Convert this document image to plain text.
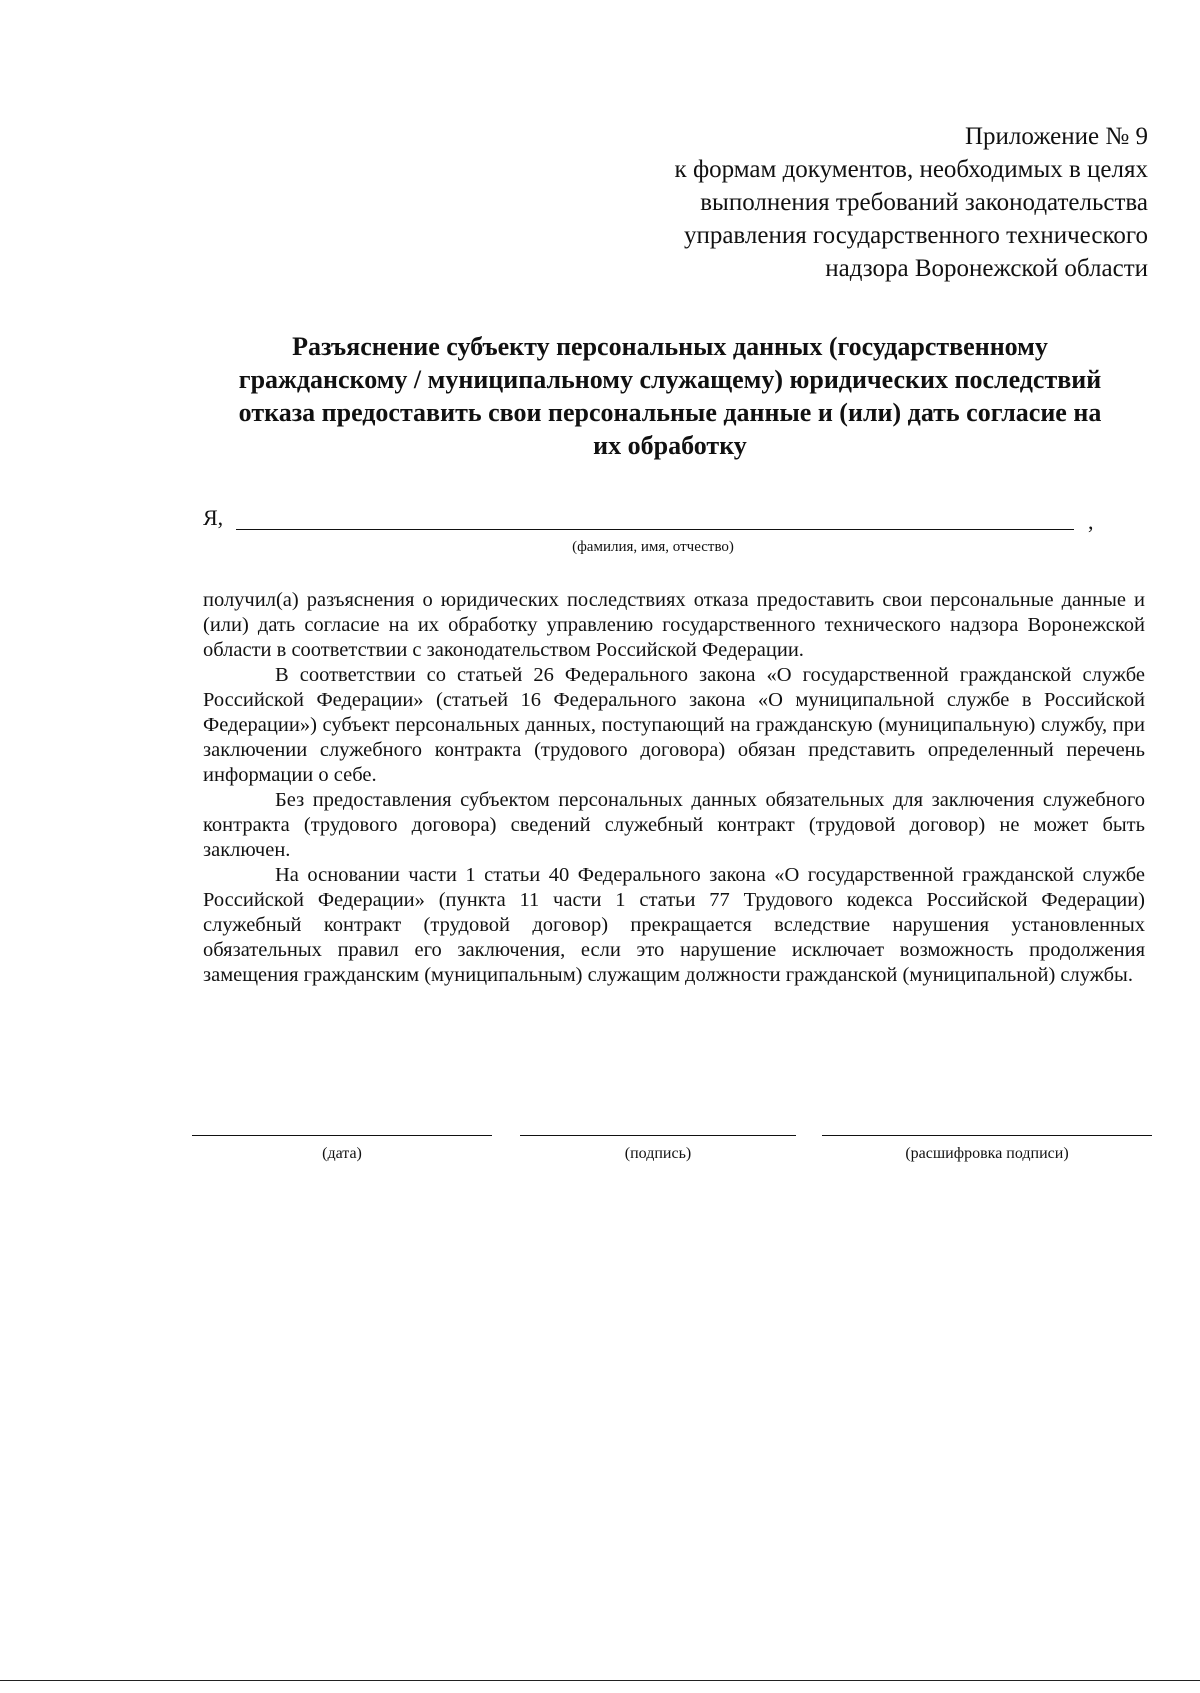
Приложение № 9
к формам документов, необходимых в целях
выполнения требований законодательства
управления государственного технического
надзора Воронежской области
Разъяснение субъекту персональных данных (государственному
гражданскому / муниципальному служащему) юридических последствий
отказа предоставить свои персональные данные и (или) дать согласие на
их обработку
Я,	,
(фамилия, имя, отчество)

получил(а) разъяснения о юридических последствиях отказа предоставить свои персональные данные и (или) дать согласие на их обработку управлению государственного технического надзора Воронежской области в соответствии с законодательством Российской Федерации.

В соответствии со статьей 26 Федерального закона «О государственной гражданской службе Российской Федерации» (статьей 16 Федерального закона «О муниципальной службе в Российской Федерации») субъект персональных данных, поступающий на гражданскую (муниципальную) службу, при заключении служебного контракта (трудового договора) обязан представить определенный перечень информации о себе.

Без предоставления субъектом персональных данных обязательных для заключения служебного контракта (трудового договора) сведений служебный контракт (трудовой договор) не может быть заключен.

На основании части 1 статьи 40 Федерального закона «О государственной гражданской службе Российской Федерации» (пункта 11 части 1 статьи 77 Трудового кодекса Российской Федерации) служебный контракт (трудовой договор) прекращается вследствие нарушения установленных обязательных правил его заключения, если это нарушение исключает возможность продолжения замещения гражданским (муниципальным) служащим должности гражданской (муниципальной) службы.

(дата)	(подпись)	(расшифровка подписи)
